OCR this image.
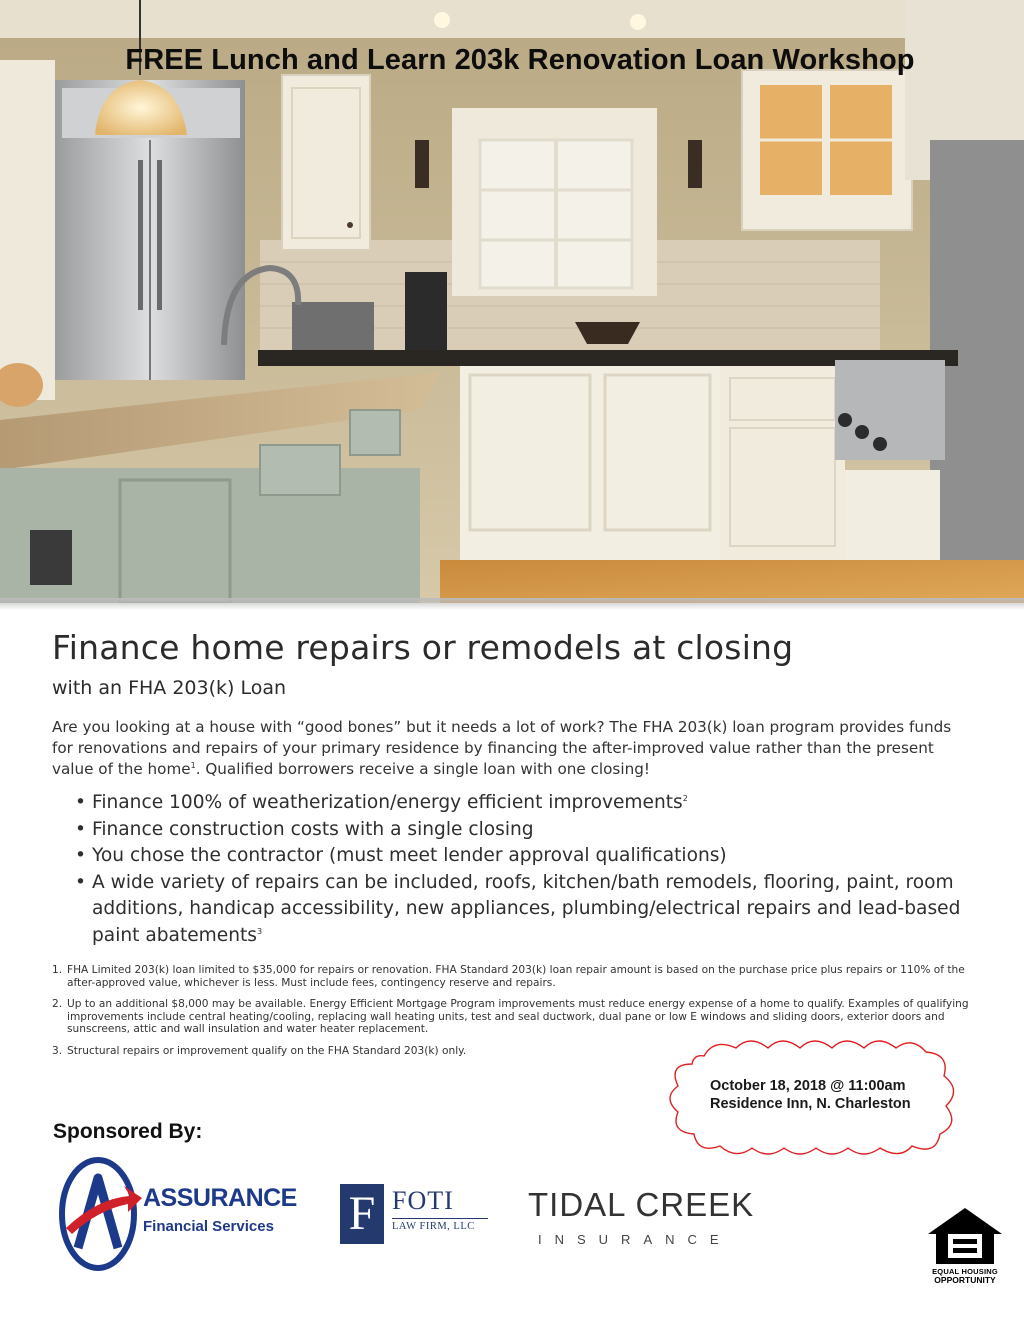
FREE Lunch and Learn 203k Renovation Loan Workshop
Finance home repairs or remodels at closing
with an FHA 203(k) Loan

Are you looking at a house with “good bones” but it needs a lot of work? The FHA 203(k) loan program provides funds for renovations and repairs of your primary residence by financing the after-improved value rather than the present value of the home$^1$. Qualified borrowers receive a single loan with one closing!

• Finance 100% of weatherization/energy efficient improvements$^2$
• Finance construction costs with a single closing
• You chose the contractor (must meet lender approval qualifications)
• A wide variety of repairs can be included, roofs, kitchen/bath remodels, flooring, paint, room additions, handicap accessibility, new appliances, plumbing/electrical repairs and lead-based paint abatements$^3$
1. FHA Limited 203(k) loan limited to $35,000 for repairs or renovation. FHA Standard 203(k) loan repair amount is based on the purchase price plus repairs or 110% of the after-approved value, whichever is less. Must include fees, contingency reserve and repairs.
2. Up to an additional $8,000 may be available. Energy Efficient Mortgage Program improvements must reduce energy expense of a home to qualify. Examples of qualifying improvements include central heating/cooling, replacing wall heating units, test and seal ductwork, dual pane or low E windows and sliding doors, exterior doors and sunscreens, attic and wall insulation and water heater replacement.
3. Structural repairs or improvement qualify on the FHA Standard 203(k) only.
October 18, 2018 @ 11:00am
Residence Inn, N. Charleston
Sponsored By:
ASSURANCE
Financial Services F FOTI
LAW FIRM, LLC
TIDAL CREEK
INSURANCE
EQUAL HOUSING
OPPORTUNITY
